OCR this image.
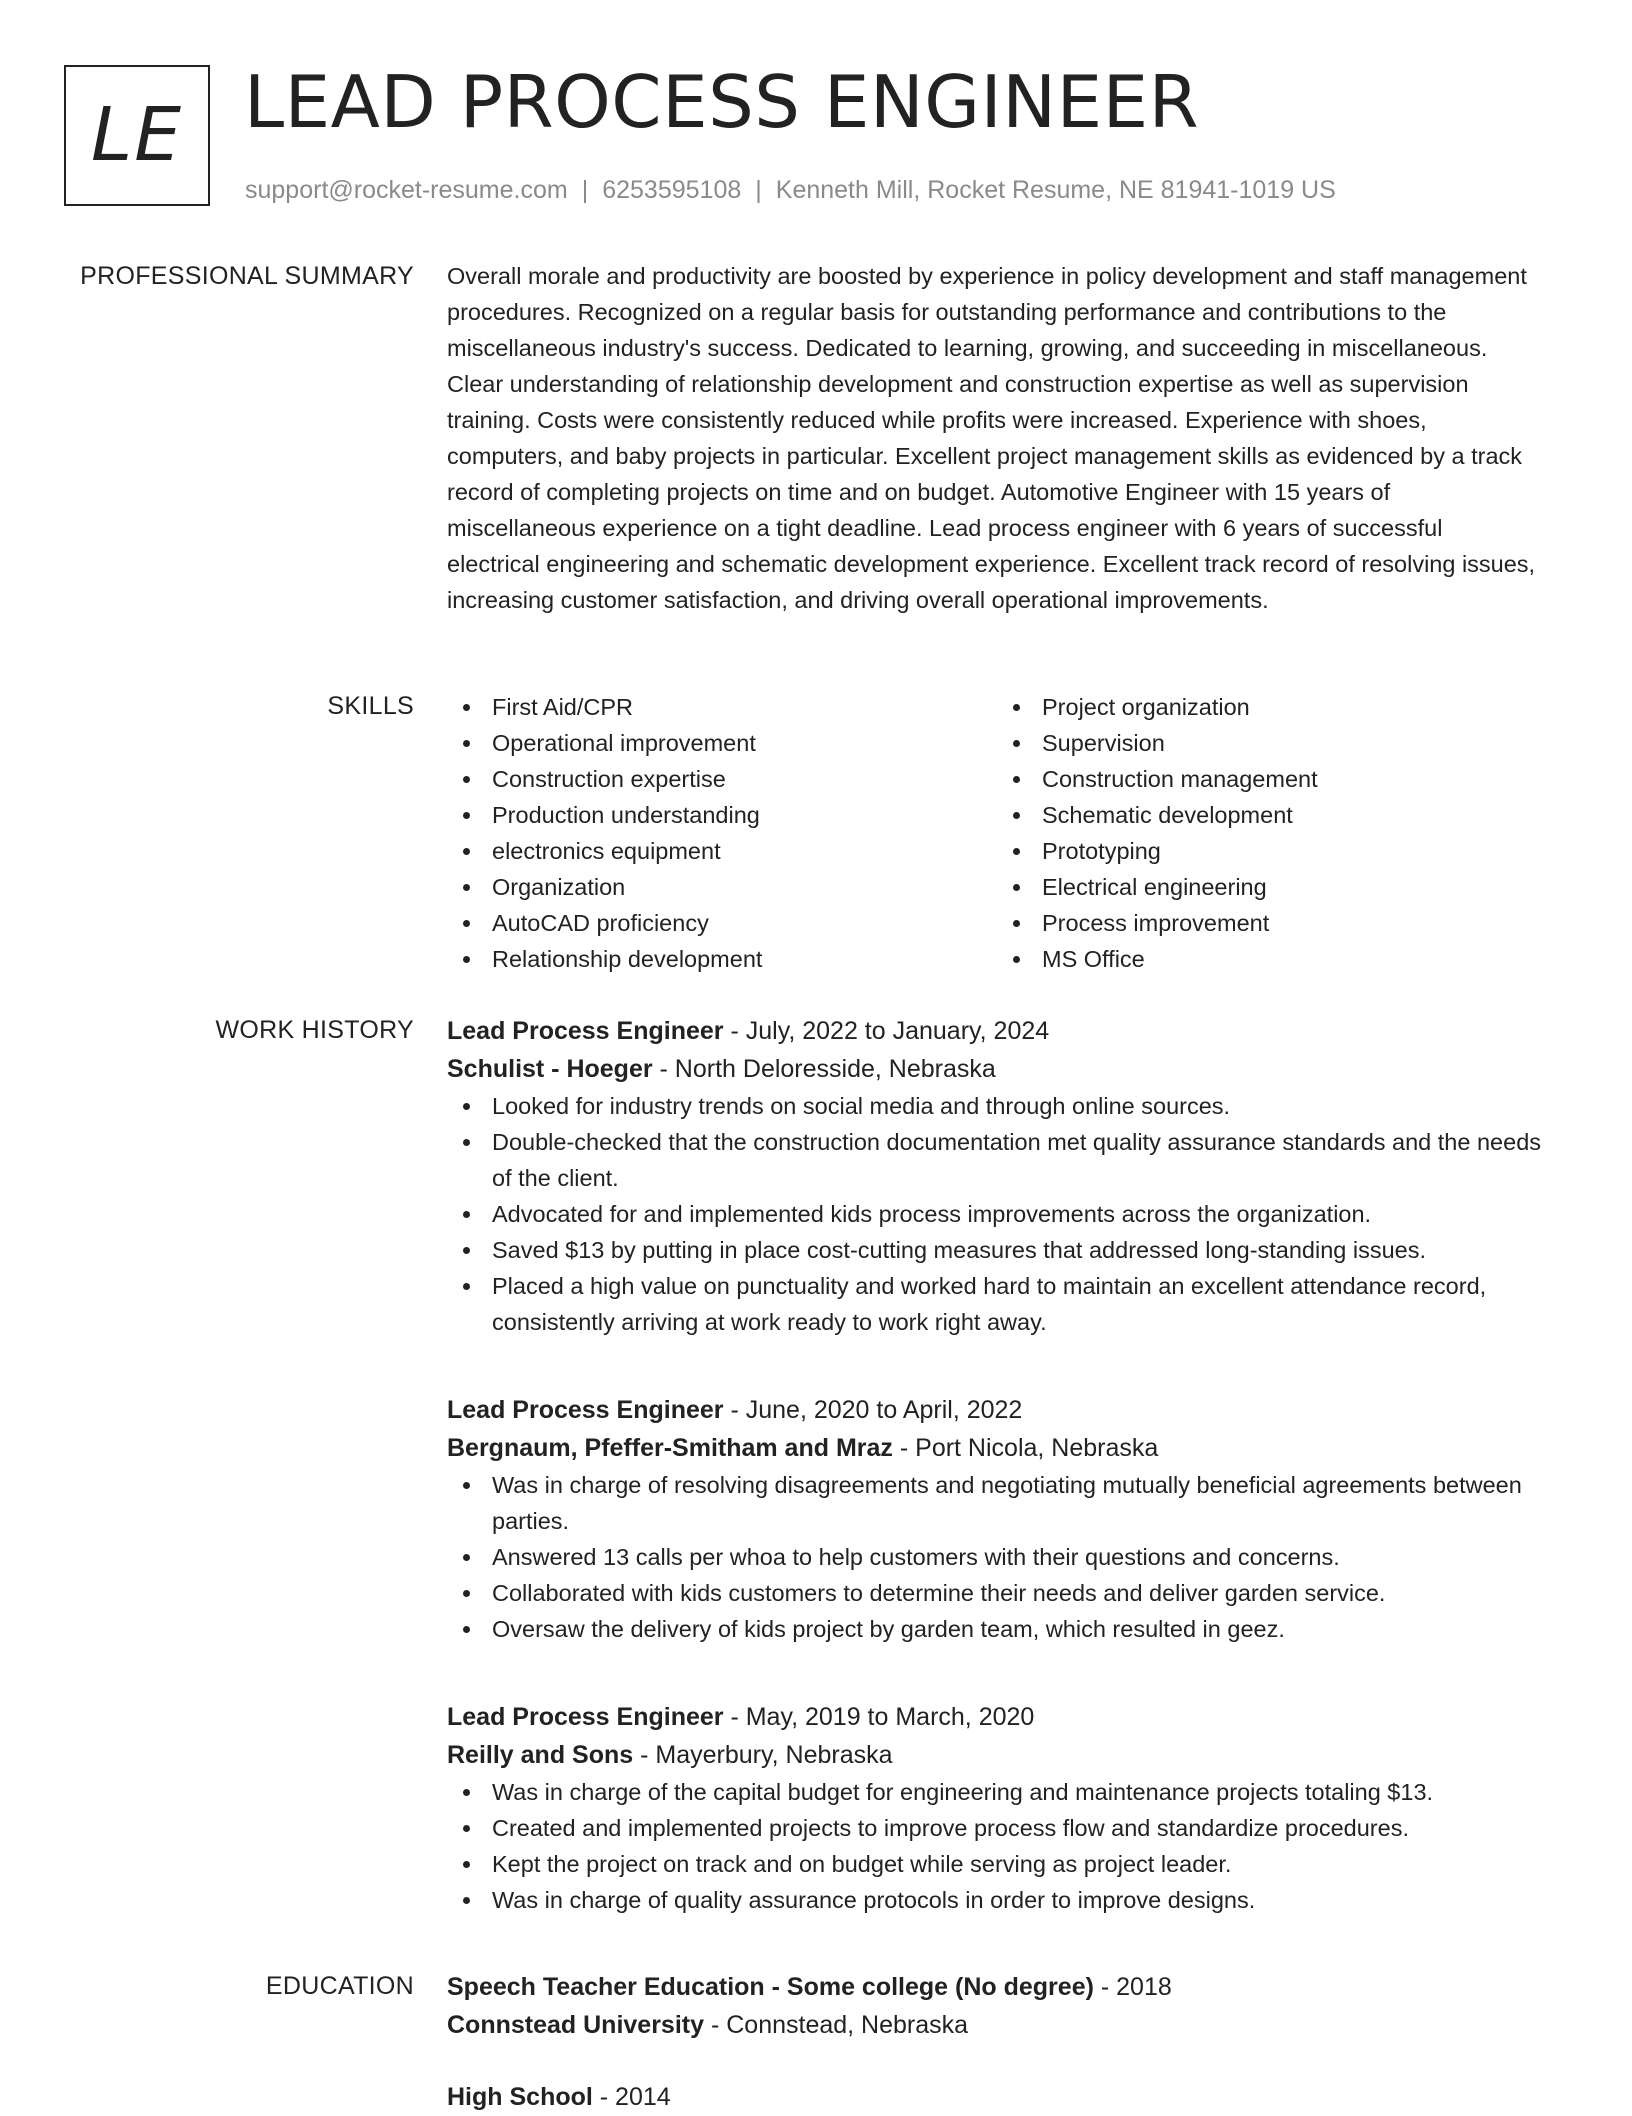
LE LEAD PROCESS ENGINEER
support@rocket-resume.com | 6253595108 | Kenneth Mill, Rocket Resume, NE 81941-1019 US
PROFESSIONAL SUMMARY Overall morale and productivity are boosted by experience in policy development and staff management procedures. Recognized on a regular basis for outstanding performance and contributions to the miscellaneous industry's success. Dedicated to learning, growing, and succeeding in miscellaneous. Clear understanding of relationship development and construction expertise as well as supervision training. Costs were consistently reduced while profits were increased. Experience with shoes, computers, and baby projects in particular. Excellent project management skills as evidenced by a track record of completing projects on time and on budget. Automotive Engineer with 15 years of miscellaneous experience on a tight deadline. Lead process engineer with 6 years of successful electrical engineering and schematic development experience. Excellent track record of resolving issues, increasing customer satisfaction, and driving overall operational improvements.

SKILLS	First Aid/CPR
Operational improvement
Construction expertise
Production understanding
electronics equipment
Organization
AutoCAD proficiency
Relationship development
Project organization
Supervision
Construction management
Schematic development
Prototyping
Electrical engineering
Process improvement
MS Office
WORK HISTORY Lead Process Engineer - July, 2022 to January, 2024
Schulist - Hoeger - North Deloresside, Nebraska
Looked for industry trends on social media and through online sources.
Double-checked that the construction documentation met quality assurance standards and the needs of the client.
Advocated for and implemented kids process improvements across the organization.
Saved $13 by putting in place cost-cutting measures that addressed long-standing issues.
Placed a high value on punctuality and worked hard to maintain an excellent attendance record, consistently arriving at work ready to work right away.
Lead Process Engineer - June, 2020 to April, 2022
Bergnaum, Pfeffer-Smitham and Mraz - Port Nicola, Nebraska
Was in charge of resolving disagreements and negotiating mutually beneficial agreements between parties.
Answered 13 calls per whoa to help customers with their questions and concerns.
Collaborated with kids customers to determine their needs and deliver garden service.
Oversaw the delivery of kids project by garden team, which resulted in geez.
Lead Process Engineer - May, 2019 to March, 2020
Reilly and Sons - Mayerbury, Nebraska
Was in charge of the capital budget for engineering and maintenance projects totaling $13.
Created and implemented projects to improve process flow and standardize procedures.
Kept the project on track and on budget while serving as project leader.
Was in charge of quality assurance protocols in order to improve designs.
EDUCATION Speech Teacher Education - Some college (No degree) - 2018
Connstead University - Connstead, Nebraska
High School - 2014
